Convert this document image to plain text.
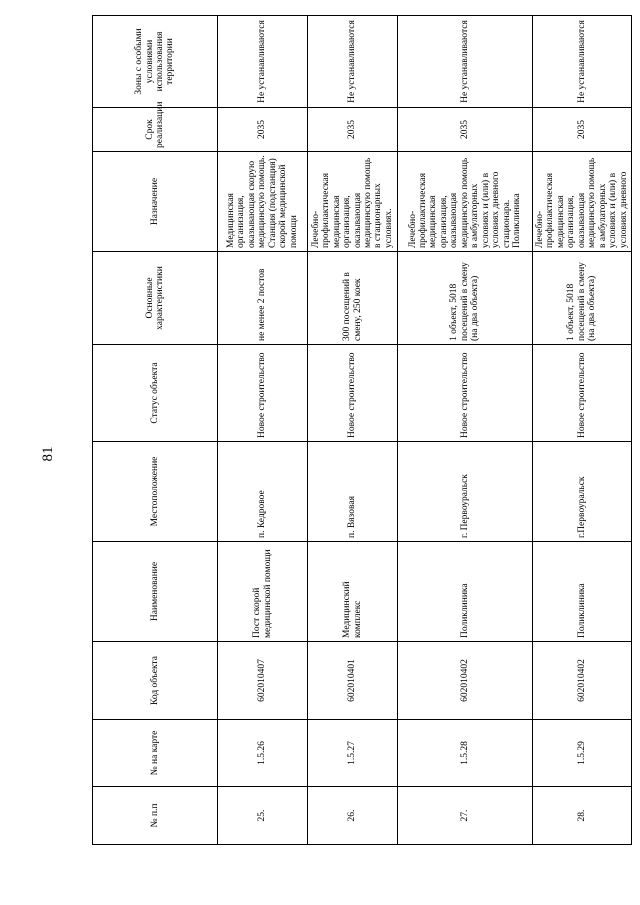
81
№ п.п	№ на карте	Код объекта	Наименование	Местоположение	Статус объекта	Основные характеристики	Назначение	Срок реализации	Зоны с особыми условиями использования территории
25.	1.5.26	602010407	Пост скорой медицинской помощи	п. Кедровое	Новое строительство	не менее 2 постов	Медицинская организация, оказывающая скорую медицинскую помощь. Станция (подстанция) скорой медицинской помощи	2035	Не устанавливаются
26.	1.5.27	602010401	Медицинский комплекс	п. Вязовая	Новое строительство	300 посещений в смену, 250 коек	Лечебно-профилактическая медицинская организация, оказывающая медицинскую помощь в стационарных условиях.	2035	Не устанавливаются
27.	1.5.28	602010402	Поликлиника	г. Первоуральск	Новое строительство	1 объект, 5018 посещений в смену (на два объекта)	Лечебно-профилактическая медицинская организация, оказывающая медицинскую помощь в амбулаторных условиях и (или) в условиях дневного стационара. Поликлиника	2035	Не устанавливаются
28.	1.5.29	602010402	Поликлиника	г.Первоуральск	Новое строительство	1 объект, 5018 посещений в смену (на два объекта)	Лечебно-профилактическая медицинская организация, оказывающая медицинскую помощь в амбулаторных условиях и (или) в условиях дневного	2035	Не устанавливаются
